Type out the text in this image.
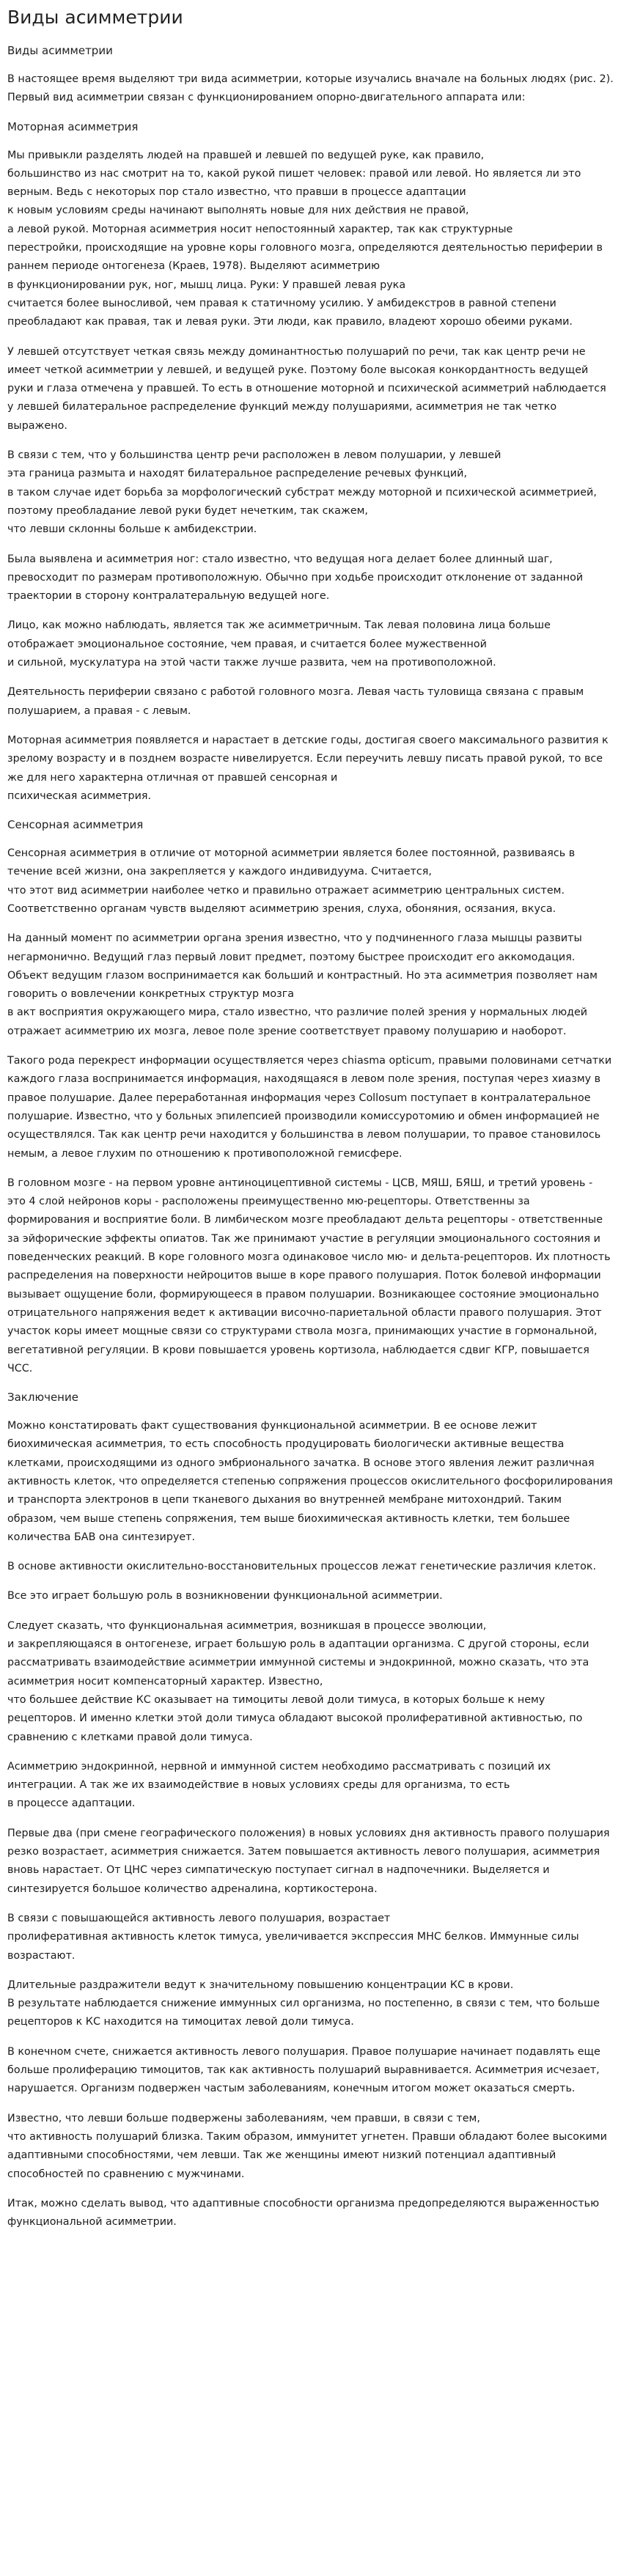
Виды асимметрии
Виды асимметрии

В настоящее время выделяют три вида асимметрии, которые изучались вначале на больных людях (рис. 2). Первый вид асимметрии связан с функционированием опорно-двигательного аппарата или:

Моторная асимметрия

Мы привыкли разделять людей на правшей и левшей по ведущей руке, как правило,
большинство из нас смотрит на то, какой рукой пишет человек: правой или левой. Но является ли это верным. Ведь с некоторых пор стало известно, что правши в процессе адаптации
к новым условиям среды начинают выполнять новые для них действия не правой,
а левой рукой. Моторная асимметрия носит непостоянный характер, так как структурные
перестройки, происходящие на уровне коры головного мозга, определяются деятельностью периферии в раннем периоде онтогенеза (Краев, 1978). Выделяют асимметрию
в функционировании рук, ног, мышц лица. Руки: У правшей левая рука
считается более выносливой, чем правая к статичному усилию. У амбидекстров в равной степени преобладают как правая, так и левая руки. Эти люди, как правило, владеют хорошо обеими руками.

У левшей отсутствует четкая связь между доминантностью полушарий по речи, так как центр речи не имеет четкой асимметрии у левшей, и ведущей руке. Поэтому боле высокая конкордантность ведущей руки и глаза отмечена у правшей. То есть в отношение моторной и психической асимметрий наблюдается у левшей билатеральное распределение функций между полушариями, асимметрия не так четко выражено.

В связи с тем, что у большинства центр речи расположен в левом полушарии, у левшей
эта граница размыта и находят билатеральное распределение речевых функций,
в таком случае идет борьба за морфологический субстрат между моторной и психической асимметрией, поэтому преобладание левой руки будет нечетким, так скажем,
что левши склонны больше к амбидекстрии.

Была выявлена и асимметрия ног: стало известно, что ведущая нога делает более длинный шаг, превосходит по размерам противоположную. Обычно при ходьбе происходит отклонение от заданной траектории в сторону контралатеральную ведущей ноге.

Лицо, как можно наблюдать, является так же асимметричным. Так левая половина лица больше отображает эмоциональное состояние, чем правая, и считается более мужественной
и сильной, мускулатура на этой части также лучше развита, чем на противоположной.

Деятельность периферии связано с работой головного мозга. Левая часть туловища связана с правым полушарием, а правая - с левым.

Моторная асимметрия появляется и нарастает в детские годы, достигая своего максимального развития к зрелому возрасту и в позднем возрасте нивелируется. Если переучить левшу писать правой рукой, то все же для него характерна отличная от правшей сенсорная и
психическая асимметрия.

Сенсорная асимметрия

Сенсорная асимметрия в отличие от моторной асимметрии является более постоянной, развиваясь в течение всей жизни, она закрепляется у каждого индивидуума. Считается,
что этот вид асимметрии наиболее четко и правильно отражает асимметрию центральных систем. Соответственно органам чувств выделяют асимметрию зрения, слуха, обоняния, осязания, вкуса.

На данный момент по асимметрии органа зрения известно, что у подчиненного глаза мышцы развиты негармонично. Ведущий глаз первый ловит предмет, поэтому быстрее происходит его аккомодация. Объект ведущим глазом воспринимается как больший и контрастный. Но эта асимметрия позволяет нам говорить о вовлечении конкретных структур мозга
в акт восприятия окружающего мира, стало известно, что различие полей зрения у нормальных людей отражает асимметрию их мозга, левое поле зрение соответствует правому полушарию и наоборот.

Такого рода перекрест информации осуществляется через chiasma opticum, правыми половинами сетчатки каждого глаза воспринимается информация, находящаяся в левом поле зрения, поступая через хиазму в правое полушарие. Далее переработанная информация через Collosum поступает в контралатеральное полушарие. Известно, что у больных эпилепсией производили комиссуротомию и обмен информацией не осуществлялся. Так как центр речи находится у большинства в левом полушарии, то правое становилось немым, а левое глухим по отношению к противоположной гемисфере.

В головном мозге - на первом уровне антиноцицептивной системы - ЦСВ, МЯШ, БЯШ, и третий уровень - это 4 слой нейронов коры - расположены преимущественно мю-рецепторы. Ответственны за формирования и восприятие боли. В лимбическом мозге преобладают дельта рецепторы - ответственные за эйфорические эффекты опиатов. Так же принимают участие в регуляции эмоционального состояния и поведенческих реакций. В коре головного мозга одинаковое число мю- и дельта-рецепторов. Их плотность распределения на поверхности нейроцитов выше в коре правого полушария. Поток болевой информации вызывает ощущение боли, формирующееся в правом полушарии. Возникающее состояние эмоционально отрицательного напряжения ведет к активации височно-париетальной области правого полушария. Этот участок коры имеет мощные связи со структурами ствола мозга, принимающих участие в гормональной, вегетативной регуляции. В крови повышается уровень кортизола, наблюдается сдвиг КГР, повышается ЧСС.

Заключение

Можно констатировать факт существования функциональной асимметрии. В ее основе лежит биохимическая асимметрия, то есть способность продуцировать биологически активные вещества клетками, происходящими из одного эмбрионального зачатка. В основе этого явления лежит различная активность клеток, что определяется степенью сопряжения процессов окислительного фосфорилирования и транспорта электронов в цепи тканевого дыхания во внутренней мембране митохондрий. Таким образом, чем выше степень сопряжения, тем выше биохимическая активность клетки, тем большее количества БАВ она синтезирует.

В основе активности окислительно-восстановительных процессов лежат генетические различия клеток.

Все это играет большую роль в возникновении функциональной асимметрии.

Следует сказать, что функциональная асимметрия, возникшая в процессе эволюции,
и закрепляющаяся в онтогенезе, играет большую роль в адаптации организма. С другой стороны, если рассматривать взаимодействие асимметрии иммунной системы и эндокринной, можно сказать, что эта асимметрия носит компенсаторный характер. Известно,
что большее действие КС оказывает на тимоциты левой доли тимуса, в которых больше к нему рецепторов. И именно клетки этой доли тимуса обладают высокой пролиферативной активностью, по сравнению с клетками правой доли тимуса.

Асимметрию эндокринной, нервной и иммунной систем необходимо рассматривать с позиций их интеграции. А так же их взаимодействие в новых условиях среды для организма, то есть
в процессе адаптации.

Первые два (при смене географического положения) в новых условиях дня активность правого полушария резко возрастает, асимметрия снижается. Затем повышается активность левого полушария, асимметрия вновь нарастает. От ЦНС через симпатическую поступает сигнал в надпочечники. Выделяется и синтезируется большое количество адреналина, кортикостерона.

В связи с повышающейся активность левого полушария, возрастает
пролиферативная активность клеток тимуса, увеличивается экспрессия МНС белков. Иммунные силы возрастают.

Длительные раздражители ведут к значительному повышению концентрации КС в крови.
В результате наблюдается снижение иммунных сил организма, но постепенно, в связи с тем, что больше рецепторов к КС находится на тимоцитах левой доли тимуса.

В конечном счете, снижается активность левого полушария. Правое полушарие начинает подавлять еще больше пролиферацию тимоцитов, так как активность полушарий выравнивается. Асимметрия исчезает, нарушается. Организм подвержен частым заболеваниям, конечным итогом может оказаться смерть.

Известно, что левши больше подвержены заболеваниям, чем правши, в связи с тем,
что активность полушарий близка. Таким образом, иммунитет угнетен. Правши обладают более высокими адаптивными способностями, чем левши. Так же женщины имеют низкий потенциал адаптивный способностей по сравнению с мужчинами.

Итак, можно сделать вывод, что адаптивные способности организма предопределяются выраженностью функциональной асимметрии.
